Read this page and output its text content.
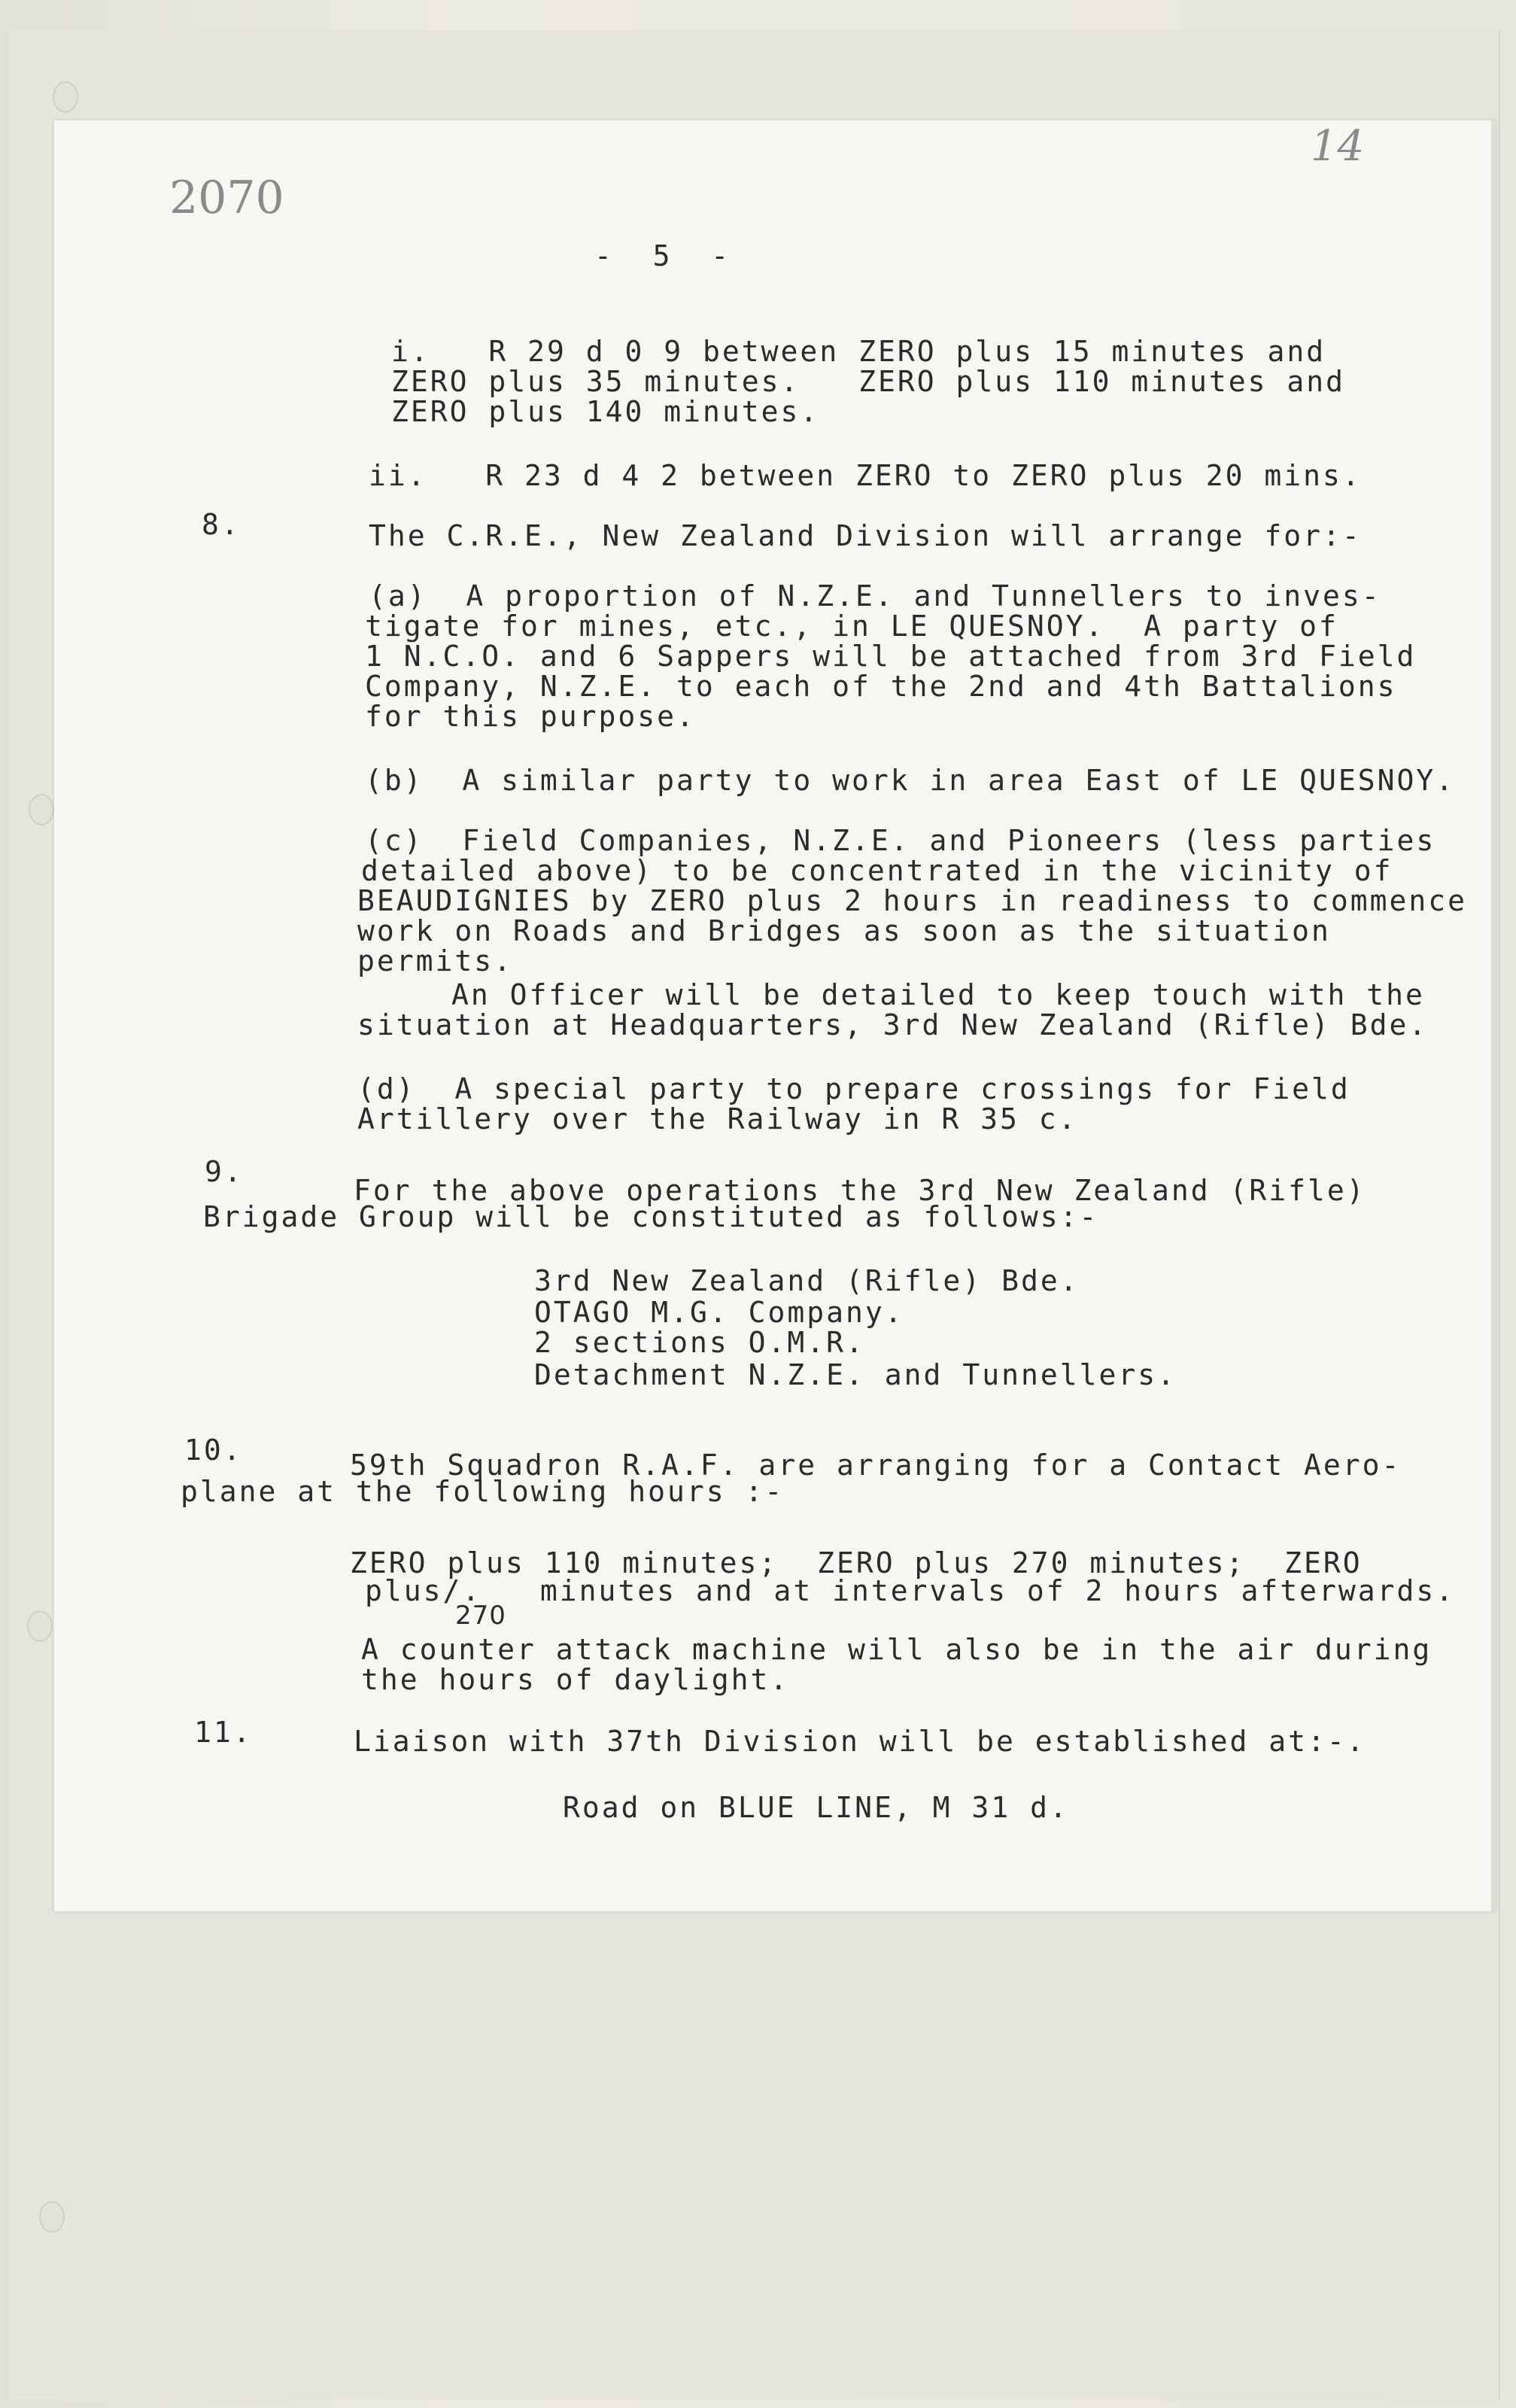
14
2070
-  5  -
i.   R 29 d 0 9 between ZERO plus 15 minutes and
ZERO plus 35 minutes.   ZERO plus 110 minutes and
ZERO plus 140 minutes.
ii.   R 23 d 4 2 between ZERO to ZERO plus 20 mins.
8.	The C.R.E., New Zealand Division will arrange for:-
(a)  A proportion of N.Z.E. and Tunnellers to inves-
tigate for mines, etc., in LE QUESNOY.  A party of
1 N.C.O. and 6 Sappers will be attached from 3rd Field
Company, N.Z.E. to each of the 2nd and 4th Battalions
for this purpose.
(b)  A similar party to work in area East of LE QUESNOY.
(c)  Field Companies, N.Z.E. and Pioneers (less parties
detailed above) to be concentrated in the vicinity of
BEAUDIGNIES by ZERO plus 2 hours in readiness to commence
work on Roads and Bridges as soon as the situation
permits.
An Officer will be detailed to keep touch with the
situation at Headquarters, 3rd New Zealand (Rifle) Bde.
(d)  A special party to prepare crossings for Field
Artillery over the Railway in R 35 c.
9.
For the above operations the 3rd New Zealand (Rifle)
Brigade Group will be constituted as follows:-
3rd New Zealand (Rifle) Bde.
OTAGO M.G. Company.
2 sections O.M.R.
Detachment N.Z.E. and Tunnellers.
10.	59th Squadron R.A.F. are arranging for a Contact Aero-
plane at the following hours :-
ZERO plus 110 minutes;  ZERO plus 270 minutes;  ZERO
plus/.   minutes and at intervals of 2 hours afterwards.
270
A counter attack machine will also be in the air during
the hours of daylight.
11.	Liaison with 37th Division will be established at:-.
Road on BLUE LINE, M 31 d.
